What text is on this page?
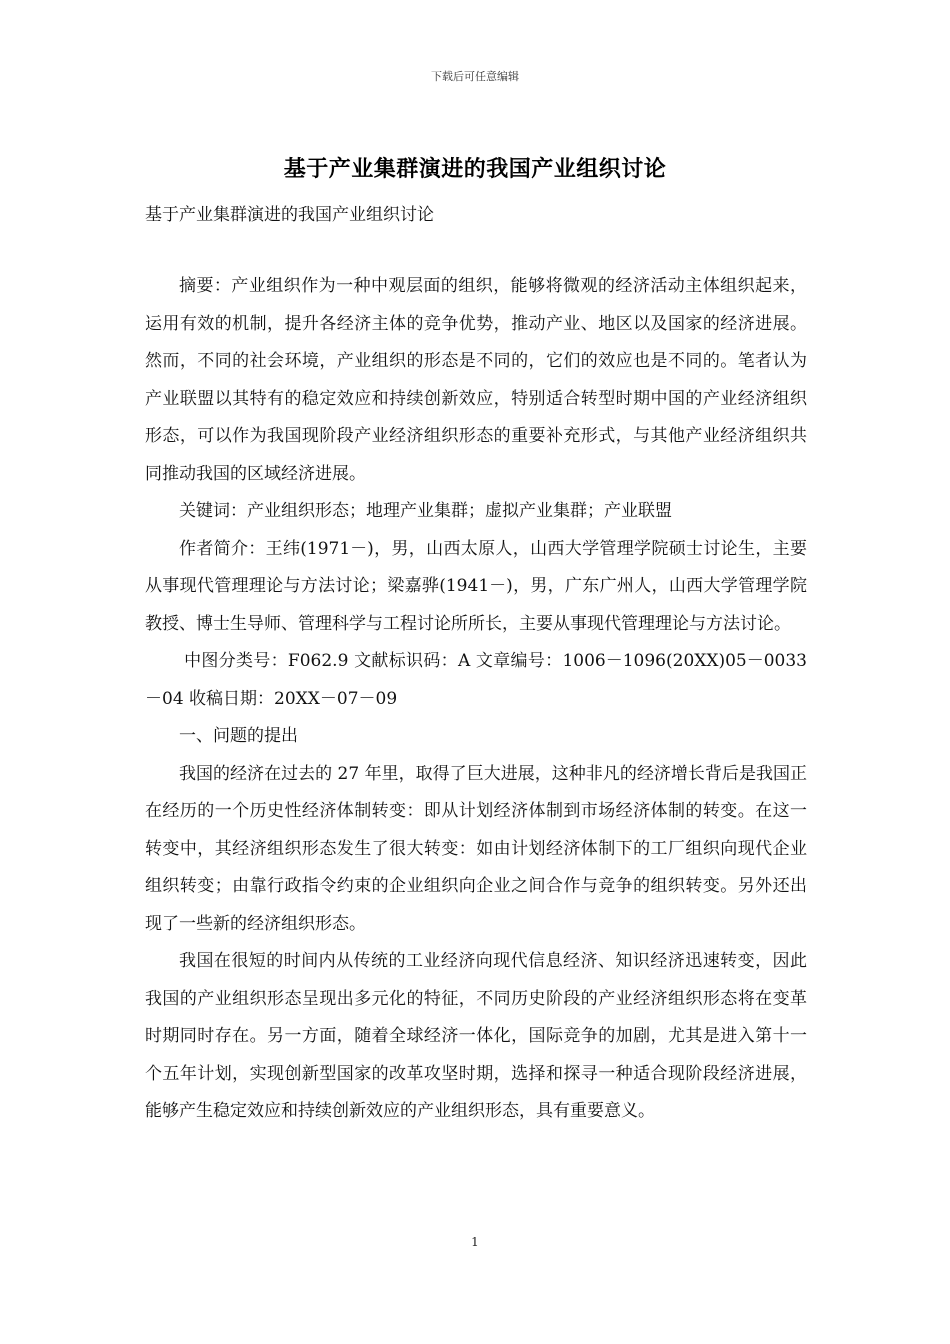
下载后可任意编辑
基于产业集群演进的我国产业组织讨论
基于产业集群演进的我国产业组织讨论

摘要：产业组织作为一种中观层面的组织，能够将微观的经济活动主体组织起来，运用有效的机制，提升各经济主体的竞争优势，推动产业、地区以及国家的经济进展。然而，不同的社会环境，产业组织的形态是不同的，它们的效应也是不同的。笔者认为产业联盟以其特有的稳定效应和持续创新效应，特别适合转型时期中国的产业经济组织形态，可以作为我国现阶段产业经济组织形态的重要补充形式，与其他产业经济组织共同推动我国的区域经济进展。

关键词：产业组织形态；地理产业集群；虚拟产业集群；产业联盟

作者简介：王纬(1971－)，男，山西太原人，山西大学管理学院硕士讨论生，主要从事现代管理理论与方法讨论；梁嘉骅(1941－)，男，广东广州人，山西大学管理学院教授、博士生导师、管理科学与工程讨论所所长，主要从事现代管理理论与方法讨论。

中图分类号：F062.9 文献标识码：A 文章编号：1006－1096(20XX)05－0033－04 收稿日期：20XX－07－09

一、问题的提出

我国的经济在过去的 27 年里，取得了巨大进展，这种非凡的经济增长背后是我国正在经历的一个历史性经济体制转变：即从计划经济体制到市场经济体制的转变。在这一转变中，其经济组织形态发生了很大转变：如由计划经济体制下的工厂组织向现代企业组织转变；由靠行政指令约束的企业组织向企业之间合作与竞争的组织转变。另外还出现了一些新的经济组织形态。

我国在很短的时间内从传统的工业经济向现代信息经济、知识经济迅速转变，因此我国的产业组织形态呈现出多元化的特征，不同历史阶段的产业经济组织形态将在变革时期同时存在。另一方面，随着全球经济一体化，国际竞争的加剧，尤其是进入第十一个五年计划，实现创新型国家的改革攻坚时期，选择和探寻一种适合现阶段经济进展，能够产生稳定效应和持续创新效应的产业组织形态，具有重要意义。

1
